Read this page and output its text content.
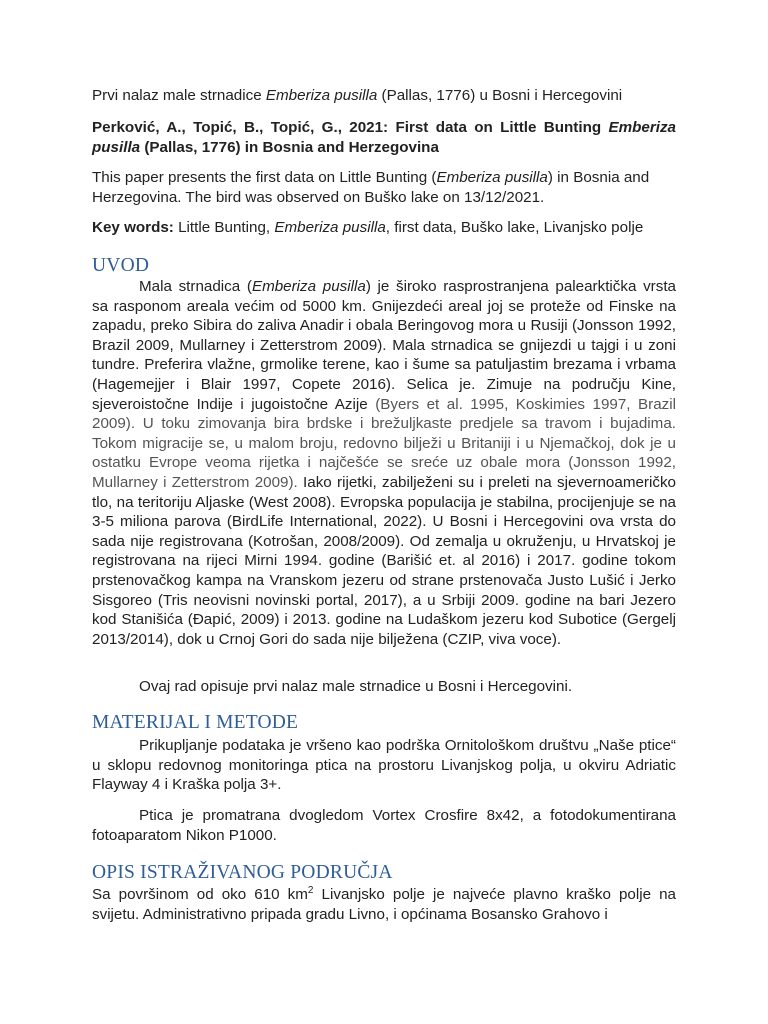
Prvi nalaz male strnadice Emberiza pusilla (Pallas, 1776) u Bosni i Hercegovini

Perković, A., Topić, B., Topić, G., 2021: First data on Little Bunting Emberiza pusilla (Pallas, 1776) in Bosnia and Herzegovina

This paper presents the first data on Little Bunting (Emberiza pusilla) in Bosnia and Herzegovina. The bird was observed on Buško lake on 13/12/2021.

Key words: Little Bunting, Emberiza pusilla, first data, Buško lake, Livanjsko polje

UVOD

Mala strnadica (Emberiza pusilla) je široko rasprostranjena palearktička vrsta sa rasponom areala većim od 5000 km. Gnijezdeći areal joj se proteže od Finske na zapadu, preko Sibira do zaliva Anadir i obala Beringovog mora u Rusiji (Jonsson 1992, Brazil 2009, Mullarney i Zetterstrom 2009). Mala strnadica se gnijezdi u tajgi i u zoni tundre. Preferira vlažne, grmolike terene, kao i šume sa patuljastim brezama i vrbama (Hagemejjer i Blair 1997, Copete 2016). Selica je. Zimuje na području Kine, sjeveroistočne Indije i jugoistočne Azije (Byers et al. 1995, Koskimies 1997, Brazil 2009). U toku zimovanja bira brdske i brežuljkaste predjele sa travom i bujadima. Tokom migracije se, u malom broju, redovno bilježi u Britaniji i u Njemačkoj, dok je u ostatku Evrope veoma rijetka i najčešće se sreće uz obale mora (Jonsson 1992, Mullarney i Zetterstrom 2009). Iako rijetki, zabilježeni su i preleti na sjevernoameričko tlo, na teritoriju Aljaske (West 2008). Evropska populacija je stabilna, procijenjuje se na 3-5 miliona parova (BirdLife International, 2022). U Bosni i Hercegovini ova vrsta do sada nije registrovana (Kotrošan, 2008/2009). Od zemalja u okruženju, u Hrvatskoj je registrovana na rijeci Mirni 1994. godine (Barišić et. al 2016) i 2017. godine tokom prstenovačkog kampa na Vranskom jezeru od strane prstenovača Justo Lušić i Jerko Sisgoreo (Tris neovisni novinski portal, 2017), a u Srbiji 2009. godine na bari Jezero kod Stanišića (Đapić, 2009) i 2013. godine na Ludaškom jezeru kod Subotice (Gergelj 2013/2014), dok u Crnoj Gori do sada nije bilježena (CZIP, viva voce).

Ovaj rad opisuje prvi nalaz male strnadice u Bosni i Hercegovini.

MATERIJAL I METODE

Prikupljanje podataka je vršeno kao podrška Ornitološkom društvu „Naše ptice“ u sklopu redovnog monitoringa ptica na prostoru Livanjskog polja, u okviru Adriatic Flayway 4 i Kraška polja 3+.

Ptica je promatrana dvogledom Vortex Crosfire 8x42, a fotodokumentirana fotoaparatom Nikon P1000.

OPIS ISTRAŽIVANOG PODRUČJA

Sa površinom od oko 610 $km^2$ Livanjsko polje je najveće plavno kraško polje na svijetu. Administrativno pripada gradu Livno, i općinama Bosansko Grahovo i
